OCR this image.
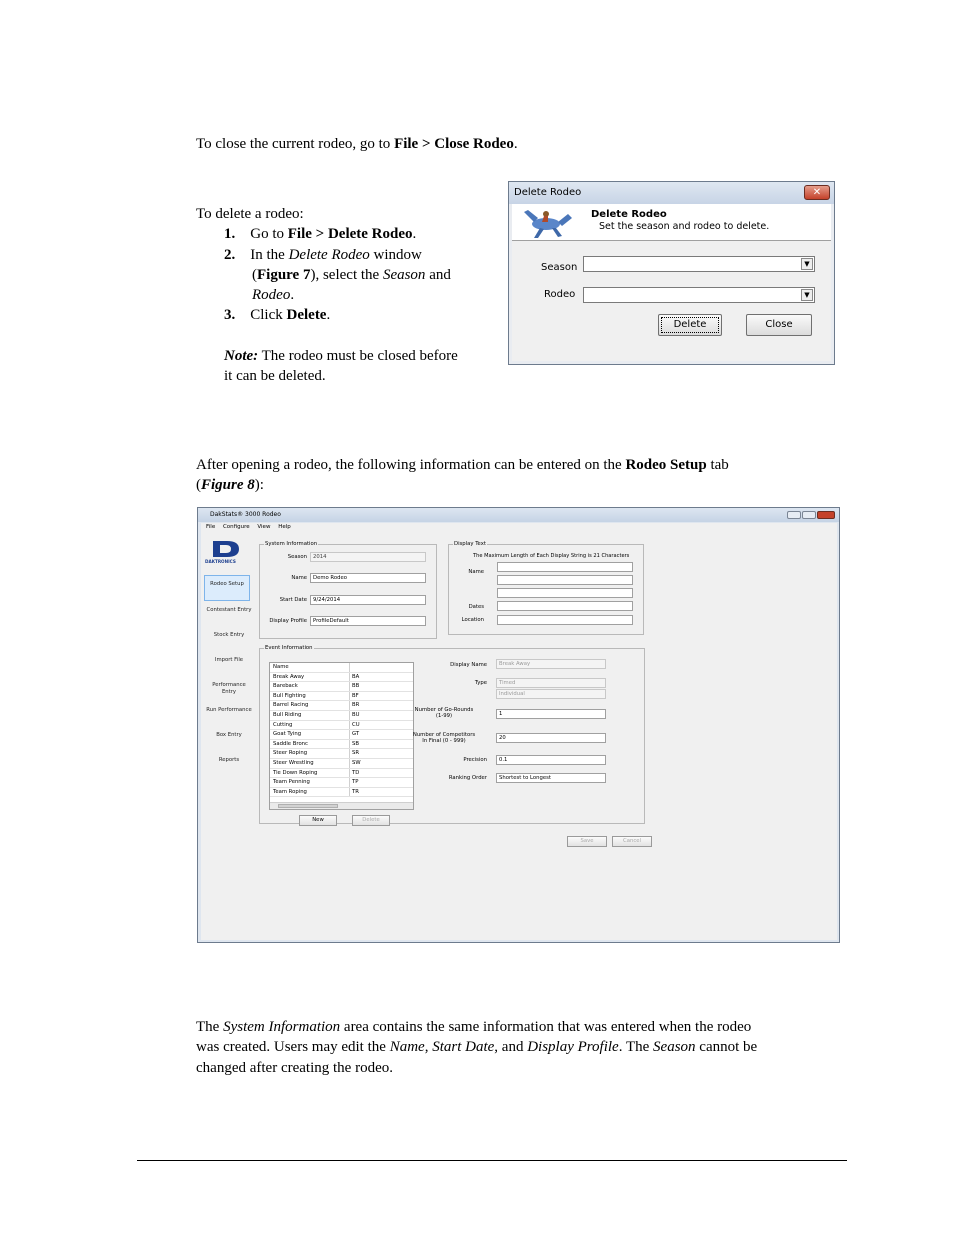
To close the current rodeo, go to File > Close Rodeo.
To delete a rodeo:
1. Go to File > Delete Rodeo.
2. In the Delete Rodeo window
(Figure 7), select the Season and
Rodeo.
3. Click Delete.
Note: The rodeo must be closed before
it can be deleted.
Delete Rodeo	✕
Delete Rodeo
Set the season and rodeo to delete.
Season	▼
Rodeo	▼
Delete	Close
After opening a rodeo, the following information can be entered on the Rodeo Setup tab
(Figure 8):
DakStats® 3000 Rodeo
File Configure View Help
DAKTRONICS
Rodeo Setup
Contestant Entry
Stock Entry
Import File
Performance Entry
Run Performance
Box Entry
Reports
System Information
Season	2014
Name	Demo Rodeo
Start Date	9/24/2014
Display Profile	ProfileDefault
Display Text
The Maximum Length of Each Display String is 21 Characters
Name
Dates
Location
Event Information
Name
Break Away	BA
Bareback	BB
Bull Fighting	BF
Barrel Racing	BR
Bull Riding	BU
Cutting	CU
Goat Tying	GT
Saddle Bronc	SB
Steer Roping	SR
Steer Wrestling	SW
Tie Down Roping	TD
Team Penning	TP
Team Roping	TR
New	Delete
Display Name	Break Away
Type	Timed
Individual
Number of Go-Rounds
(1-99)	1
Number of Competitors
In Final (0 - 999)	20
Precision	0.1
Ranking Order	Shortest to Longest
Save	Cancel
The System Information area contains the same information that was entered when the rodeo
was created. Users may edit the Name, Start Date, and Display Profile. The Season cannot be
changed after creating the rodeo.
